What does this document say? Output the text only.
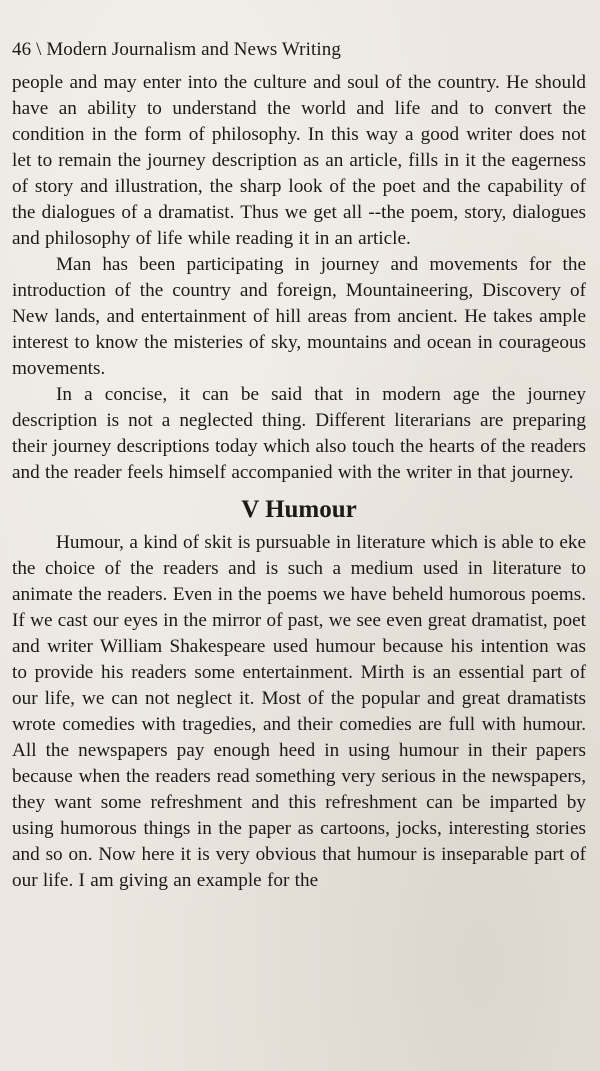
46 \ Modern Journalism and News Writing

people and may enter into the culture and soul of the country. He should have an ability to understand the world and life and to convert the condition in the form of philosophy. In this way a good writer does not let to remain the journey description as an article, fills in it the eagerness of story and illustration, the sharp look of the poet and the capability of the dialogues of a dramatist. Thus we get all --the poem, story, dialogues and philosophy of life while reading it in an article.

Man has been participating in journey and movements for the introduction of the country and foreign, Mountaineering, Discovery of New lands, and entertainment of hill areas from ancient. He takes ample interest to know the misteries of sky, mountains and ocean in courageous movements.

In a concise, it can be said that in modern age the journey description is not a neglected thing. Different literarians are preparing their journey descriptions today which also touch the hearts of the readers and the reader feels himself accompanied with the writer in that journey.

V Humour

Humour, a kind of skit is pursuable in literature which is able to eke the choice of the readers and is such a medium used in literature to animate the readers. Even in the poems we have beheld humorous poems. If we cast our eyes in the mirror of past, we see even great dramatist, poet and writer William Shakespeare used humour because his intention was to provide his readers some entertainment. Mirth is an essential part of our life, we can not neglect it. Most of the popular and great dramatists wrote comedies with tragedies, and their comedies are full with humour. All the newspapers pay enough heed in using humour in their papers because when the readers read something very serious in the newspapers, they want some refreshment and this refreshment can be imparted by using humorous things in the paper as cartoons, jocks, interesting stories and so on. Now here it is very obvious that humour is inseparable part of our life. I am giving an example for the
